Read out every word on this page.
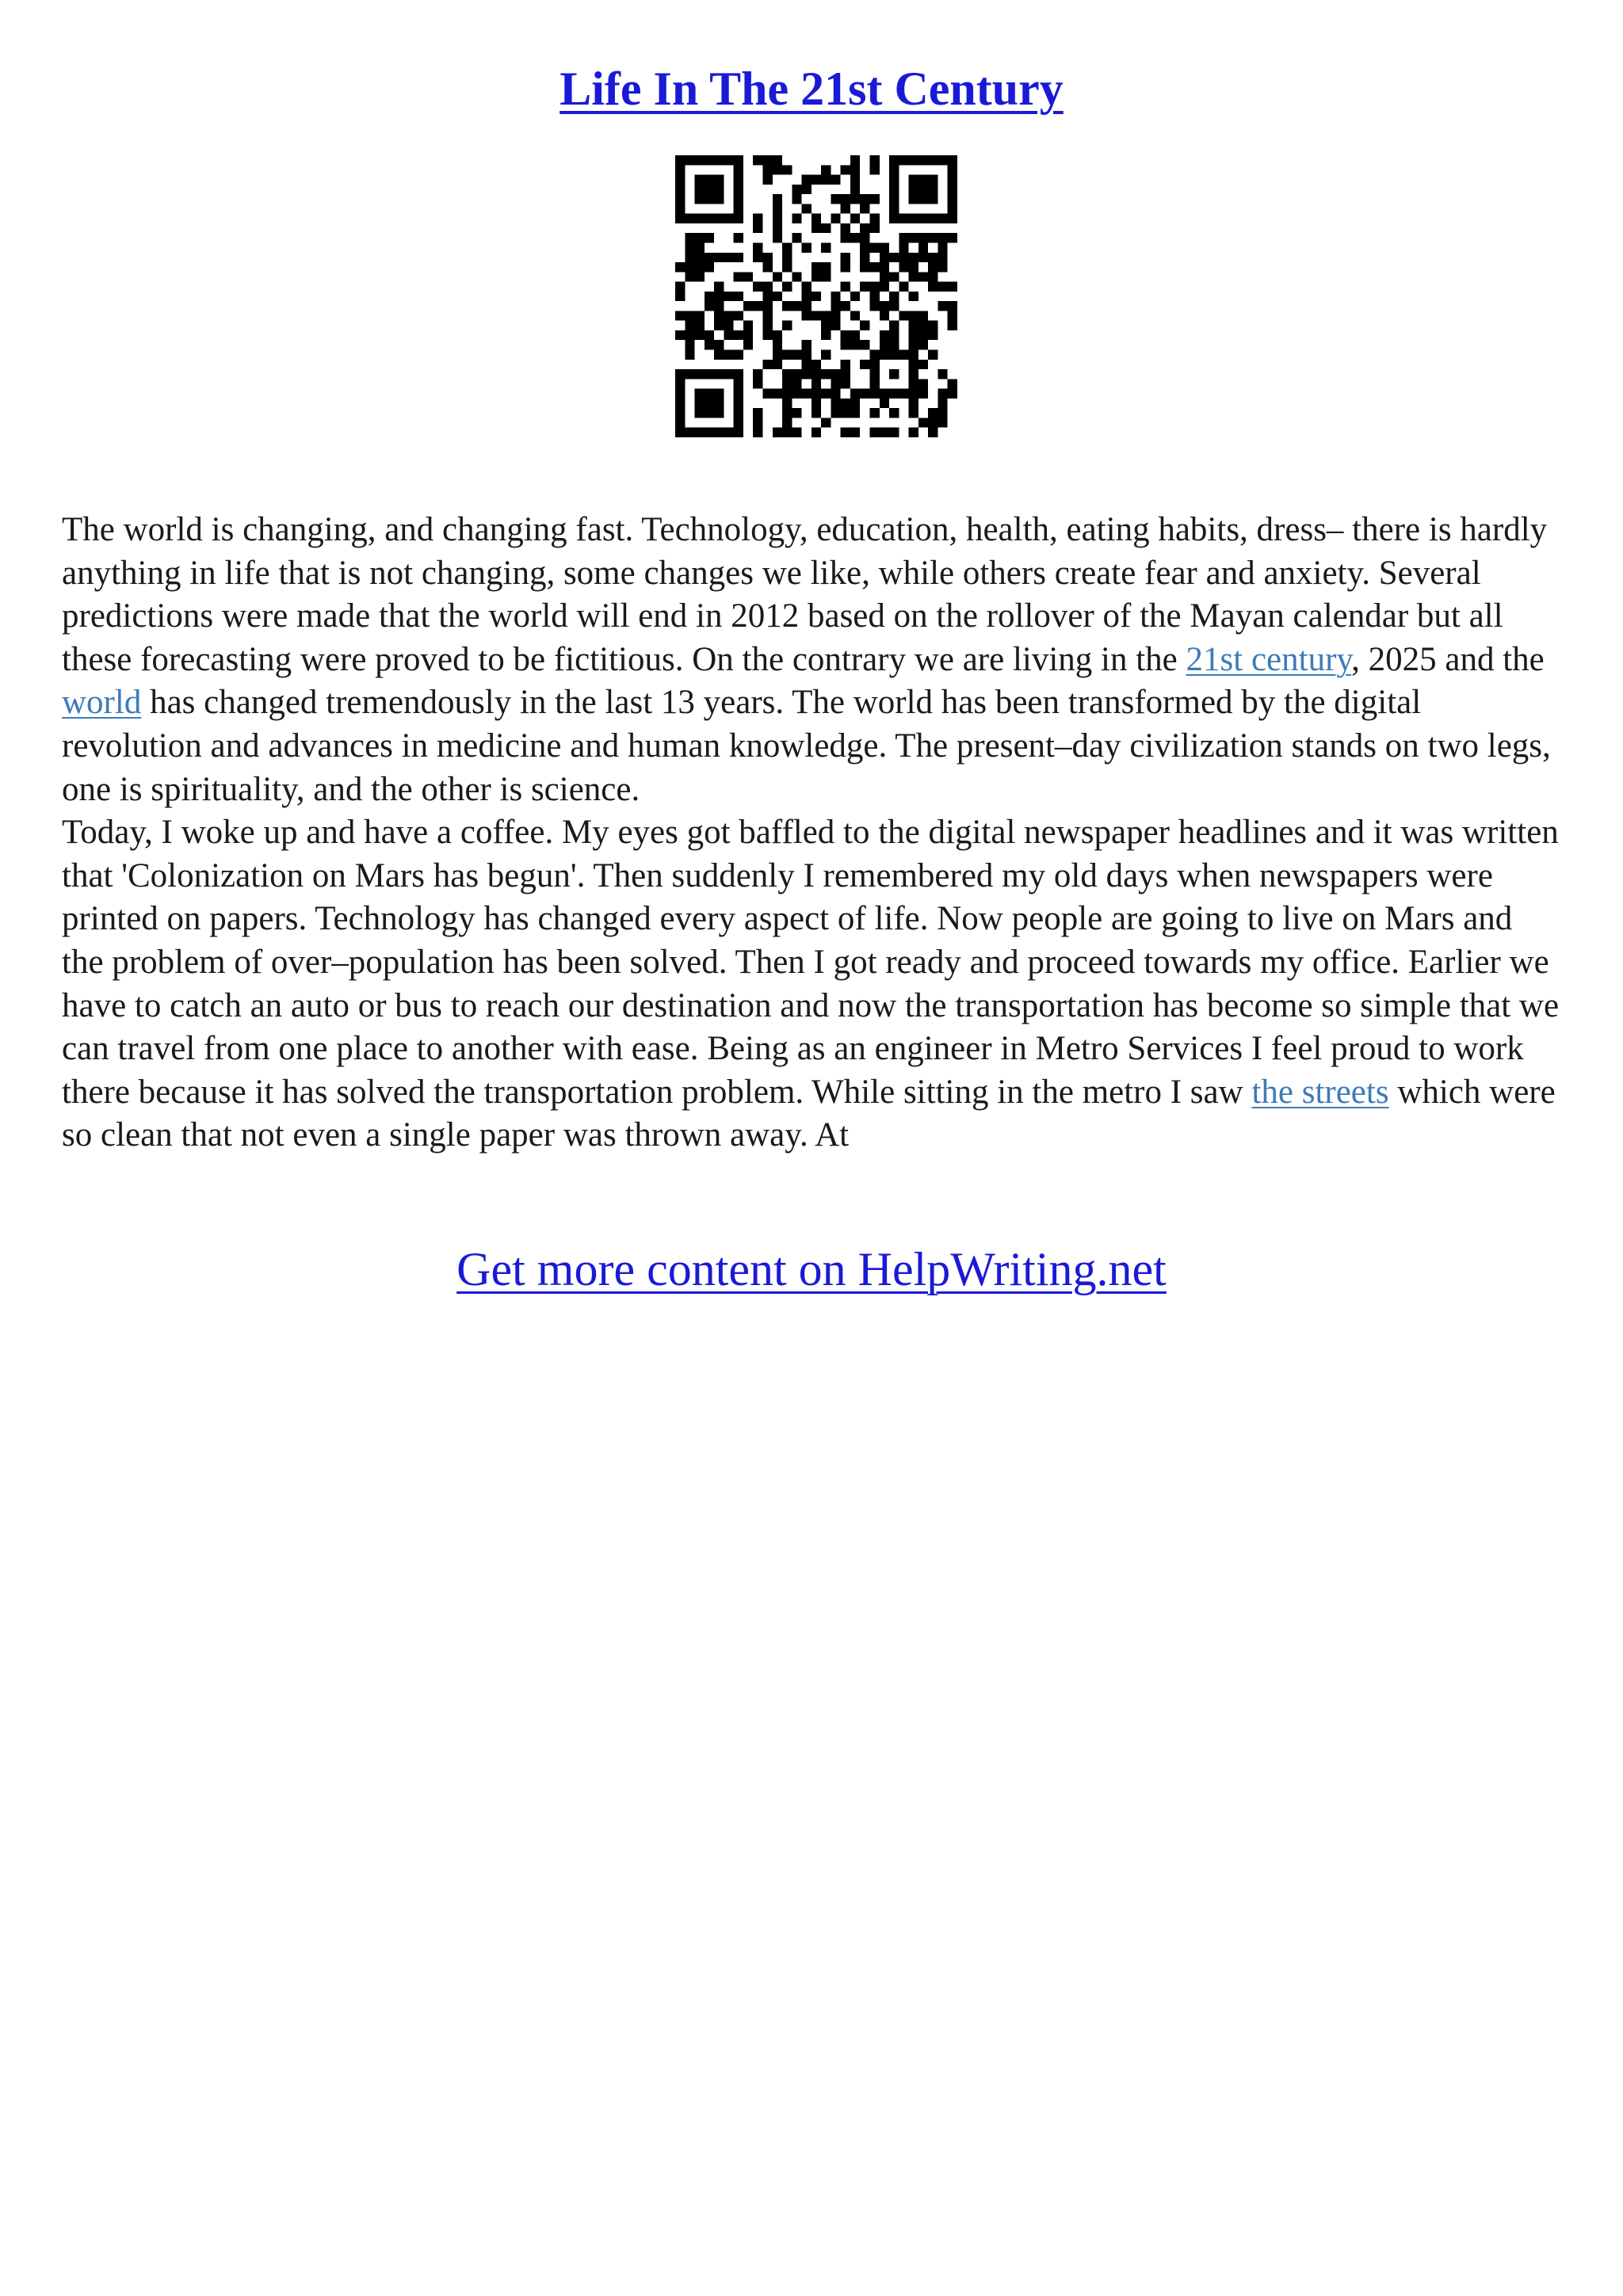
Life In The 21st Century

The world is changing, and changing fast. Technology, education, health, eating habits, dress– there is hardly anything in life that is not changing, some changes we like, while others create fear and anxiety. Several predictions were made that the world will end in 2012 based on the rollover of the Mayan calendar but all these forecasting were proved to be fictitious. On the contrary we are living in the 21st century, 2025 and the world has changed tremendously in the last 13 years. The world has been transformed by the digital revolution and advances in medicine and human knowledge. The present–day civilization stands on two legs, one is spirituality, and the other is science.

Today, I woke up and have a coffee. My eyes got baffled to the digital newspaper headlines and it was written that 'Colonization on Mars has begun'. Then suddenly I remembered my old days when newspapers were printed on papers. Technology has changed every aspect of life. Now people are going to live on Mars and the problem of over–population has been solved. Then I got ready and proceed towards my office. Earlier we have to catch an auto or bus to reach our destination and now the transportation has become so simple that we can travel from one place to another with ease. Being as an engineer in Metro Services I feel proud to work there because it has solved the transportation problem. While sitting in the metro I saw the streets which were so clean that not even a single paper was thrown away. At

Get more content on HelpWriting.net
